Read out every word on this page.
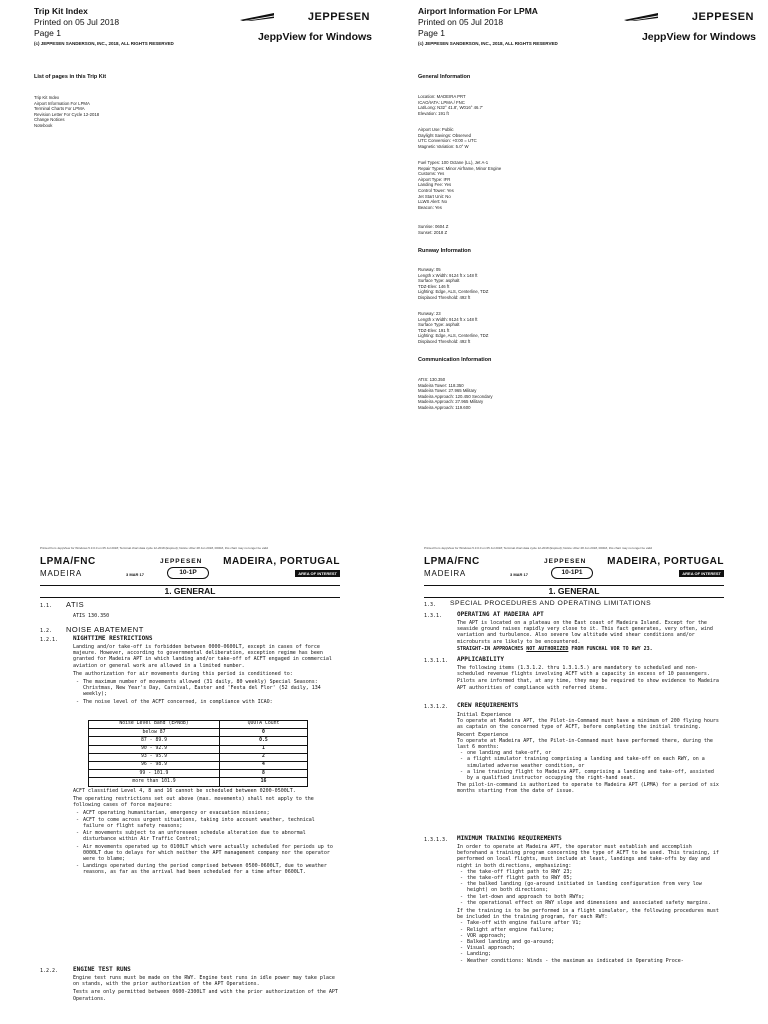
Trip Kit Index
Printed on 05 Jul 2018
Page 1
(c) JEPPESEN SANDERSON, INC., 2018, ALL RIGHTS RESERVED
JEPPESEN
JeppView for Windows
List of pages in this Trip Kit
Trip Kit Index
Airport Information For LPMA
Terminal Charts For LPMA
Revision Letter For Cycle 12-2018
Change Notices
Notebook
Airport Information For LPMA
Printed on 05 Jul 2018
Page 1
(c) JEPPESEN SANDERSON, INC., 2018, ALL RIGHTS RESERVED
JEPPESEN
JeppView for Windows
General Information
Location: MADEIRA PRT
ICAO/IATA: LPMA / FNC
Lat/Long: N32° 41.8', W016° 46.7'
Elevation: 191 ft
Airport Use: Public
Daylight Savings: Observed
UTC Conversion: +0:00 = UTC
Magnetic Variation: 5.0° W
Fuel Types: 100 Octane (LL), Jet A-1
Repair Types: Minor Airframe, Minor Engine
Customs: Yes
Airport Type: IFR
Landing Fee: Yes
Control Tower: Yes
Jet Start Unit: No
LLWS Alert: No
Beacon: Yes
Sunrise: 0604 Z
Sunset: 2018 Z
Runway Information
Runway: 05
Length x Width: 9124 ft x 148 ft
Surface Type: asphalt
TDZ-Elev: 146 ft
Lighting: Edge, ALS, Centerline, TDZ
Displaced Threshold: 492 ft
Runway: 23
Length x Width: 9124 ft x 148 ft
Surface Type: asphalt
TDZ-Elev: 191 ft
Lighting: Edge, ALS, Centerline, TDZ
Displaced Threshold: 492 ft
Communication Information
ATIS: 130.350
Madeira Tower: 118.350
Madeira Tower: 27.965 Military
Madeira Approach: 120.450 Secondary
Madeira Approach: 27.965 Military
Madeira Approach: 119.600
Printed from JeppView for Windows 5.3.0.0 on 05 Jul 2018; Terminal chart data cycle 12-2018 (Expired); Notice: After 28 Jun 2018, 0000Z, this chart may no longer be valid
LPMA/FNC
MADEIRA	3 MAR 17
JEPPESEN
10-1P
MADEIRA, PORTUGAL
AREA OF INTEREST
1. GENERAL
1.1. ATIS
ATIS 130.350
1.2. NOISE ABATEMENT
1.2.1. NIGHTTIME RESTRICTIONS
Landing and/or take-off is forbidden between 0000-0600LT, except in cases of force majeure. However, according to governmental deliberation, exception regime has been granted for Madeira APT in which landing and/or take-off of ACFT engaged in commercial aviation or general work are allowed in a limited number.
The authorization for air movements during this period is conditioned to:
- The maximum number of movements allowed (31 daily, 80 weekly) Special Seasons: Christmas, New Year's Day, Carnival, Easter and 'Festa del Flor' (52 daily, 134 weekly);
- The noise level of the ACFT concerned, in compliance with ICAO:
Noise Level Band (EPNdB)	QUOTA Count
below 87	0
87 - 89.9	0.5
90 - 92.9	1
93 - 95.9	2
96 - 98.9	4
99 - 101.9	8
more than 101.9	16
ACFT classified Level 4, 8 and 16 cannot be scheduled between 0200-0500LT.
The operating restrictions set out above (max. movements) shall not apply to the following cases of force majeure:
- ACFT operating humanitarian, emergency or evacuation missions;
- ACFT to come across urgent situations, taking into account weather, technical failure or flight safety reasons;
- Air movements subject to an unforeseen schedule alteration due to abnormal disturbance within Air Traffic Control;
- Air movements operated up to 0100LT which were actually scheduled for periods up to 0000LT due to delays for which neither the APT management company nor the operator were to blame;
- Landings operated during the period comprised between 0500-0600LT, due to weather reasons, as far as the arrival had been scheduled for a time after 0600LT.
1.2.2. ENGINE TEST RUNS
Engine test runs must be made on the RWY. Engine test runs in idle power may take place on stands, with the prior authorization of the APT Operations.
Tests are only permitted between 0600-2300LT and with the prior authorization of the APT Operations.
Printed from JeppView for Windows 5.3.0.0 on 05 Jul 2018; Terminal chart data cycle 12-2018 (Expired); Notice: After 28 Jun 2018, 0000Z, this chart may no longer be valid
LPMA/FNC
MADEIRA	3 MAR 17
JEPPESEN
10-1P1
MADEIRA, PORTUGAL
AREA OF INTEREST
1. GENERAL
1.3. SPECIAL PROCEDURES AND OPERATING LIMITATIONS
1.3.1. OPERATING AT MADEIRA APT
The APT is located on a plateau on the East coast of Madeira Island. Except for the seaside ground raises rapidly very close to it. This fact generates, very often, wind variation and turbulence. Also severe low altitude wind shear conditions and/or microbursts are likely to be encountered.
STRAIGHT-IN APPROACHES NOT AUTHORIZED FROM FUNCHAL VOR TO RWY 23.
1.3.1.1. APPLICABILITY
The following items (1.3.1.2. thru 1.3.1.5.) are mandatory to scheduled and non-scheduled revenue flights involving ACFT with a capacity in excess of 10 passengers.
Pilots are informed that, at any time, they may be required to show evidence to Madeira APT authorities of compliance with referred items.
1.3.1.2. CREW REQUIREMENTS
Initial Experience
To operate at Madeira APT, the Pilot-in-Command must have a minimum of 200 flying hours as captain on the concerned type of ACFT, before completing the initial training.
Recent Experience
To operate at Madeira APT, the Pilot-in-Command must have performed there, during the last 6 months:
- one landing and take-off, or
- a flight simulator training comprising a landing and take-off on each RWY, on a simulated adverse weather condition, or
- a line training flight to Madeira APT, comprising a landing and take-off, assisted by a qualified instructor occupying the right-hand seat.
The pilot-in-command is authorized to operate to Madeira APT (LPMA) for a period of six months starting from the date of issue.
1.3.1.3. MINIMUM TRAINING REQUIREMENTS
In order to operate at Madeira APT, the operator must establish and accomplish beforehand a training program concerning the type of ACFT to be used. This training, if performed on local flights, must include at least, landings and take-offs by day and night in both directions, emphasizing:
- the take-off flight path to RWY 23;
- the take-off flight path to RWY 05;
- the balked landing (go-around initiated in landing configuration from very low height) on both directions;
- the let-down and approach to both RWYs;
- the operational effect on RWY slope and dimensions and associated safety margins.
If the training is to be performed in a flight simulator, the following procedures must be included in the training program, for each RWY:
- Take-off with engine failure after V1;
- Relight after engine failure;
- VOR approach;
- Balked landing and go-around;
- Visual approach;
- Landing;
- Weather conditions: Winds - the maximum as indicated in Operating Proce-
